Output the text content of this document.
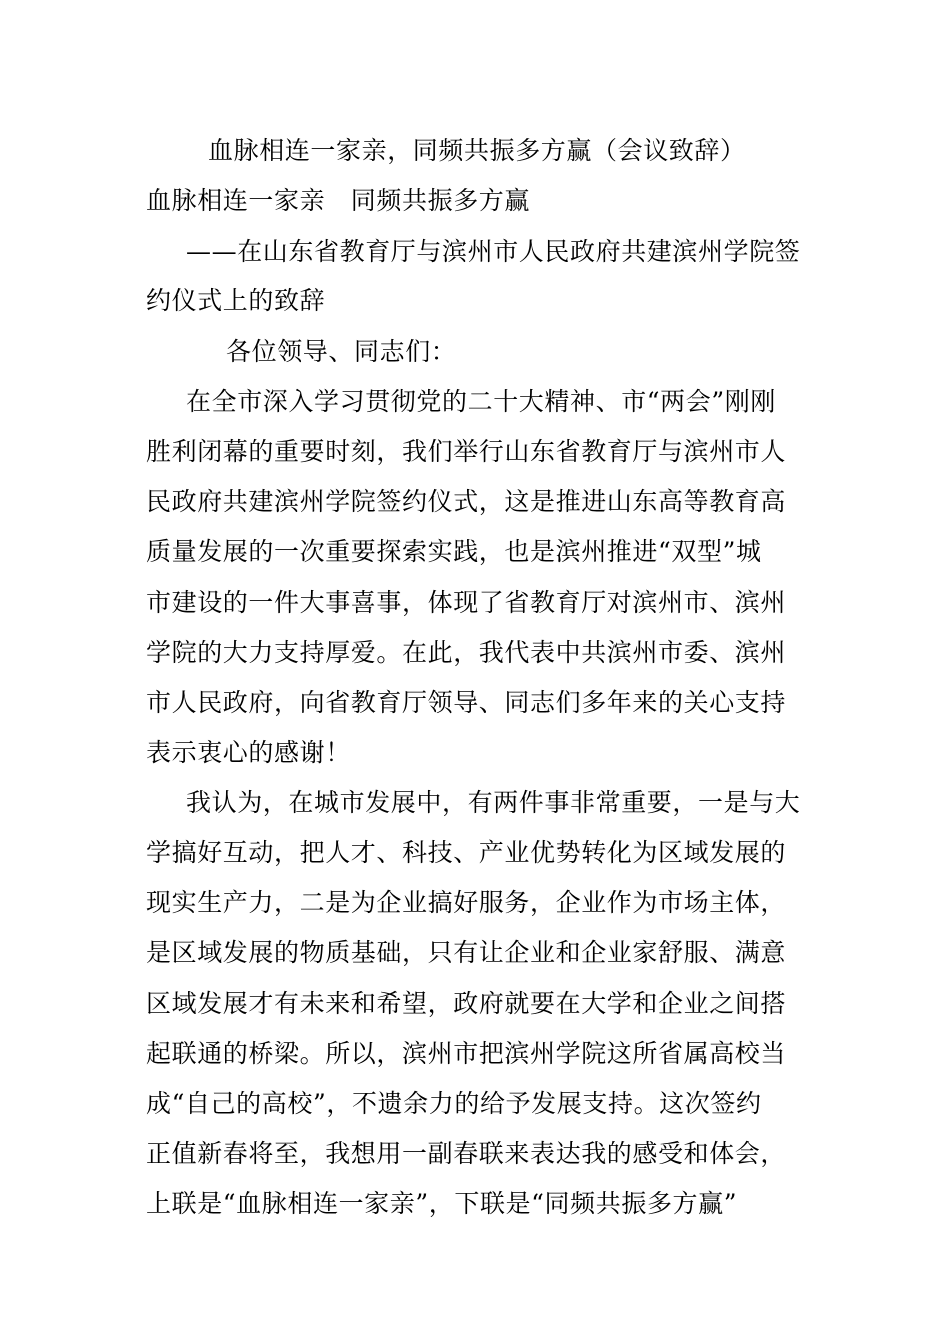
血脉相连一家亲，同频共振多方赢（会议致辞）
血脉相连一家亲　同频共振多方赢
——在山东省教育厅与滨州市人民政府共建滨州学院签
约仪式上的致辞
各位领导、同志们：
在全市深入学习贯彻党的二十大精神、市“两会”刚刚
胜利闭幕的重要时刻，我们举行山东省教育厅与滨州市人
民政府共建滨州学院签约仪式，这是推进山东高等教育高
质量发展的一次重要探索实践，也是滨州推进“双型”城
市建设的一件大事喜事，体现了省教育厅对滨州市、滨州
学院的大力支持厚爱。在此，我代表中共滨州市委、滨州
市人民政府，向省教育厅领导、同志们多年来的关心支持
表示衷心的感谢！
我认为，在城市发展中，有两件事非常重要，一是与大
学搞好互动，把人才、科技、产业优势转化为区域发展的
现实生产力，二是为企业搞好服务，企业作为市场主体，
是区域发展的物质基础，只有让企业和企业家舒服、满意
区域发展才有未来和希望，政府就要在大学和企业之间搭
起联通的桥梁。所以，滨州市把滨州学院这所省属高校当
成“自己的高校”，不遗余力的给予发展支持。这次签约
正值新春将至，我想用一副春联来表达我的感受和体会，
上联是“血脉相连一家亲”，下联是“同频共振多方赢”
